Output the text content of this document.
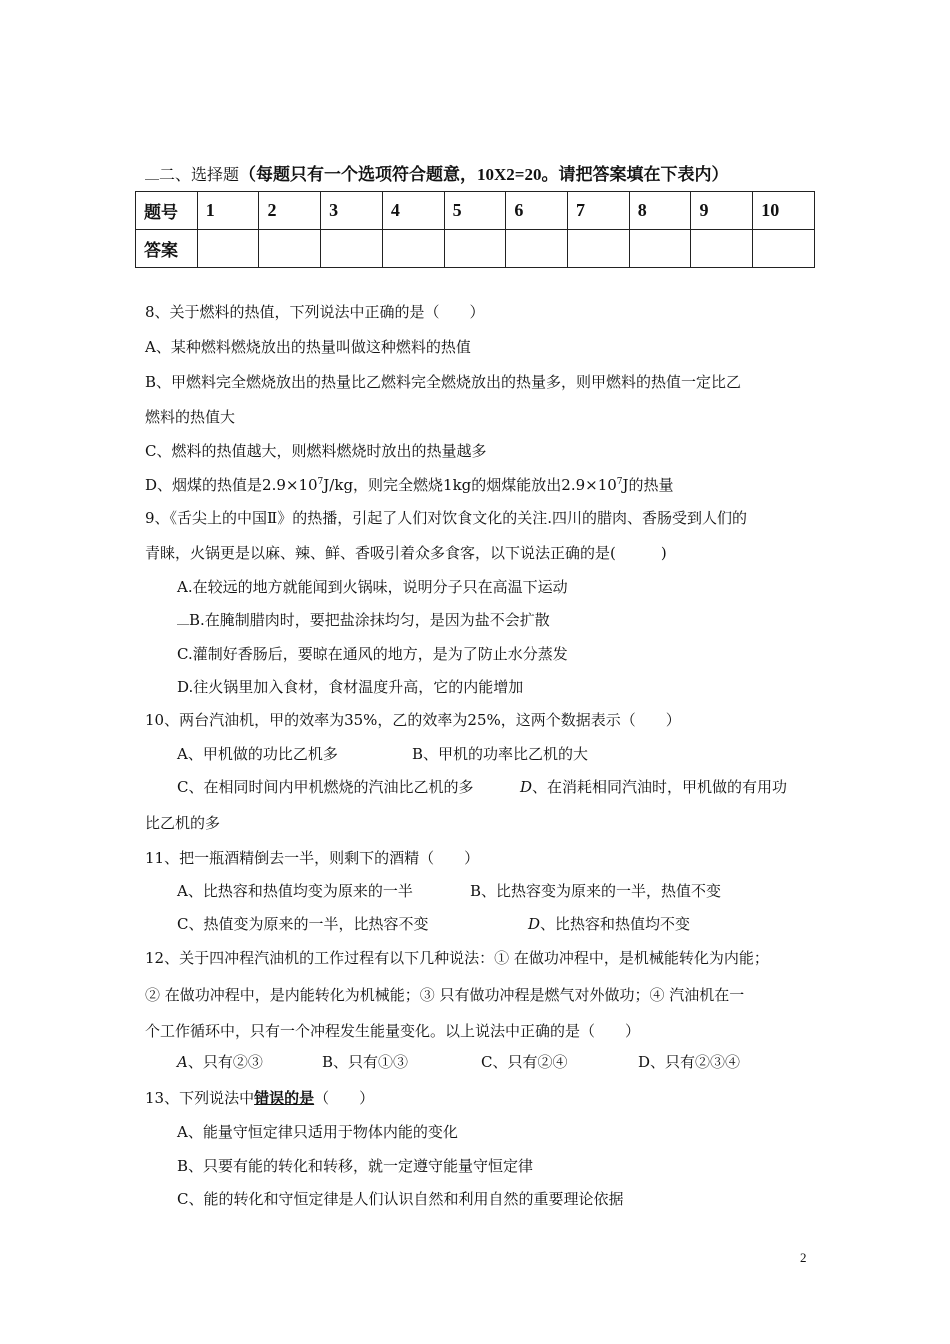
二、选择题（每题只有一个选项符合题意，10X2=20。请把答案填在下表内）
题号	1	2	3	4	5	6	7	8	9	10
答案										
8、关于燃料的热值，下列说法中正确的是（　　）
A、某种燃料燃烧放出的热量叫做这种燃料的热值
B、甲燃料完全燃烧放出的热量比乙燃料完全燃烧放出的热量多，则甲燃料的热值一定比乙
燃料的热值大
C、燃料的热值越大，则燃料燃烧时放出的热量越多
D、烟煤的热值是$2.9\times 10^7J/kg$，则完全燃烧1kg的烟煤能放出$2.9\times 10^7J$的热量
9、《舌尖上的中国Ⅱ》的热播，引起了人们对饮食文化的关注.四川的腊肉、香肠受到人们的
青睐，火锅更是以麻、辣、鲜、香吸引着众多食客，以下说法正确的是(　　　)
A.在较远的地方就能闻到火锅味，说明分子只在高温下运动
B.在腌制腊肉时，要把盐涂抹均匀，是因为盐不会扩散
C.灌制好香肠后，要晾在通风的地方，是为了防止水分蒸发
D.往火锅里加入食材，食材温度升高，它的内能增加
10、两台汽油机，甲的效率为35%，乙的效率为25%，这两个数据表示（　　）
A、甲机做的功比乙机多	B、甲机的功率比乙机的大
C、在相同时间内甲机燃烧的汽油比乙机的多	D、在消耗相同汽油时，甲机做的有用功
比乙机的多
11、把一瓶酒精倒去一半，则剩下的酒精（　　）
A、比热容和热值均变为原来的一半	B、比热容变为原来的一半，热值不变
C、热值变为原来的一半，比热容不变	D、比热容和热值均不变
12、关于四冲程汽油机的工作过程有以下几种说法：① 在做功冲程中，是机械能转化为内能；
② 在做功冲程中，是内能转化为机械能；③ 只有做功冲程是燃气对外做功；④ 汽油机在一
个工作循环中，只有一个冲程发生能量变化。以上说法中正确的是（　　）
A、只有②③	B、只有①③	C、只有②④	D、只有②③④
13、下列说法中错误的是（　　）
A、能量守恒定律只适用于物体内能的变化
B、只要有能的转化和转移，就一定遵守能量守恒定律
C、能的转化和守恒定律是人们认识自然和利用自然的重要理论依据
2
